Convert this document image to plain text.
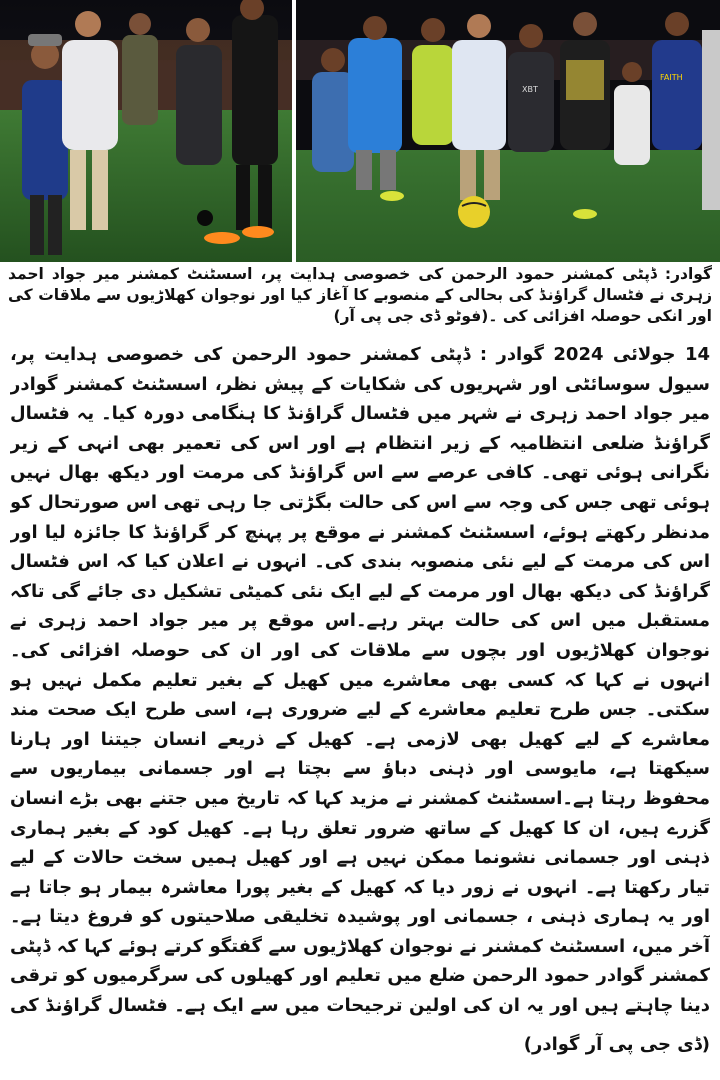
XBT
FAITH
گوادر: ڈپٹی کمشنر حمود الرحمن کی خصوصی ہدایت پر، اسسٹنٹ کمشنر میر جواد احمد زہری نے فٹسال گراؤنڈ کی بحالی کے منصوبے کا آغاز کیا اور نوجوان کھلاڑیوں سے ملاقات کی اور انکی حوصلہ افزائی کی ۔(فوٹو ڈی جی پی آر)
14 جولائی 2024 گوادر : ڈپٹی کمشنر حمود الرحمن کی خصوصی ہدایت پر، سیول سوسائٹی اور شہریوں کی شکایات کے پیش نظر، اسسٹنٹ کمشنر گوادر میر جواد احمد زہری نے شہر میں فٹسال گراؤنڈ کا ہنگامی دورہ کیا۔ یہ فٹسال گراؤنڈ ضلعی انتظامیہ کے زیر انتظام ہے اور اس کی تعمیر بھی انہی کے زیر نگرانی ہوئی تھی۔ کافی عرصے سے اس گراؤنڈ کی مرمت اور دیکھ بھال نہیں ہوئی تھی جس کی وجہ سے اس کی حالت بگڑتی جا رہی تھی اس صورتحال کو مدنظر رکھتے ہوئے، اسسٹنٹ کمشنر نے موقع پر پہنچ کر گراؤنڈ کا جائزہ لیا اور اس کی مرمت کے لیے نئی منصوبہ بندی کی۔ انہوں نے اعلان کیا کہ اس فٹسال گراؤنڈ کی دیکھ بھال اور مرمت کے لیے ایک نئی کمیٹی تشکیل دی جائے گی تاکہ مستقبل میں اس کی حالت بہتر رہے۔اس موقع پر میر جواد احمد زہری نے نوجوان کھلاڑیوں اور بچوں سے ملاقات کی اور ان کی حوصلہ افزائی کی۔ انہوں نے کہا کہ کسی بھی معاشرے میں کھیل کے بغیر تعلیم مکمل نہیں ہو سکتی۔ جس طرح تعلیم معاشرے کے لیے ضروری ہے، اسی طرح ایک صحت مند معاشرے کے لیے کھیل بھی لازمی ہے۔ کھیل کے ذریعے انسان جیتنا اور ہارنا سیکھتا ہے، مایوسی اور ذہنی دباؤ سے بچتا ہے اور جسمانی بیماریوں سے محفوظ رہتا ہے۔اسسٹنٹ کمشنر نے مزید کہا کہ تاریخ میں جتنے بھی بڑے انسان گزرے ہیں، ان کا کھیل کے ساتھ ضرور تعلق رہا ہے۔ کھیل کود کے بغیر ہماری ذہنی اور جسمانی نشونما ممکن نہیں ہے اور کھیل ہمیں سخت حالات کے لیے تیار رکھتا ہے۔ انہوں نے زور دیا کہ کھیل کے بغیر پورا معاشرہ بیمار ہو جاتا ہے اور یہ ہماری ذہنی ، جسمانی اور پوشیدہ تخلیقی صلاحیتوں کو فروغ دیتا ہے۔ آخر میں، اسسٹنٹ کمشنر نے نوجوان کھلاڑیوں سے گفتگو کرتے ہوئے کہا کہ ڈپٹی کمشنر گوادر حمود الرحمن ضلع میں تعلیم اور کھیلوں کی سرگرمیوں کو ترقی دینا چاہتے ہیں اور یہ ان کی اولین ترجیحات میں سے ایک ہے۔ فٹسال گراؤنڈ کی
(ڈی جی پی آر گوادر)
